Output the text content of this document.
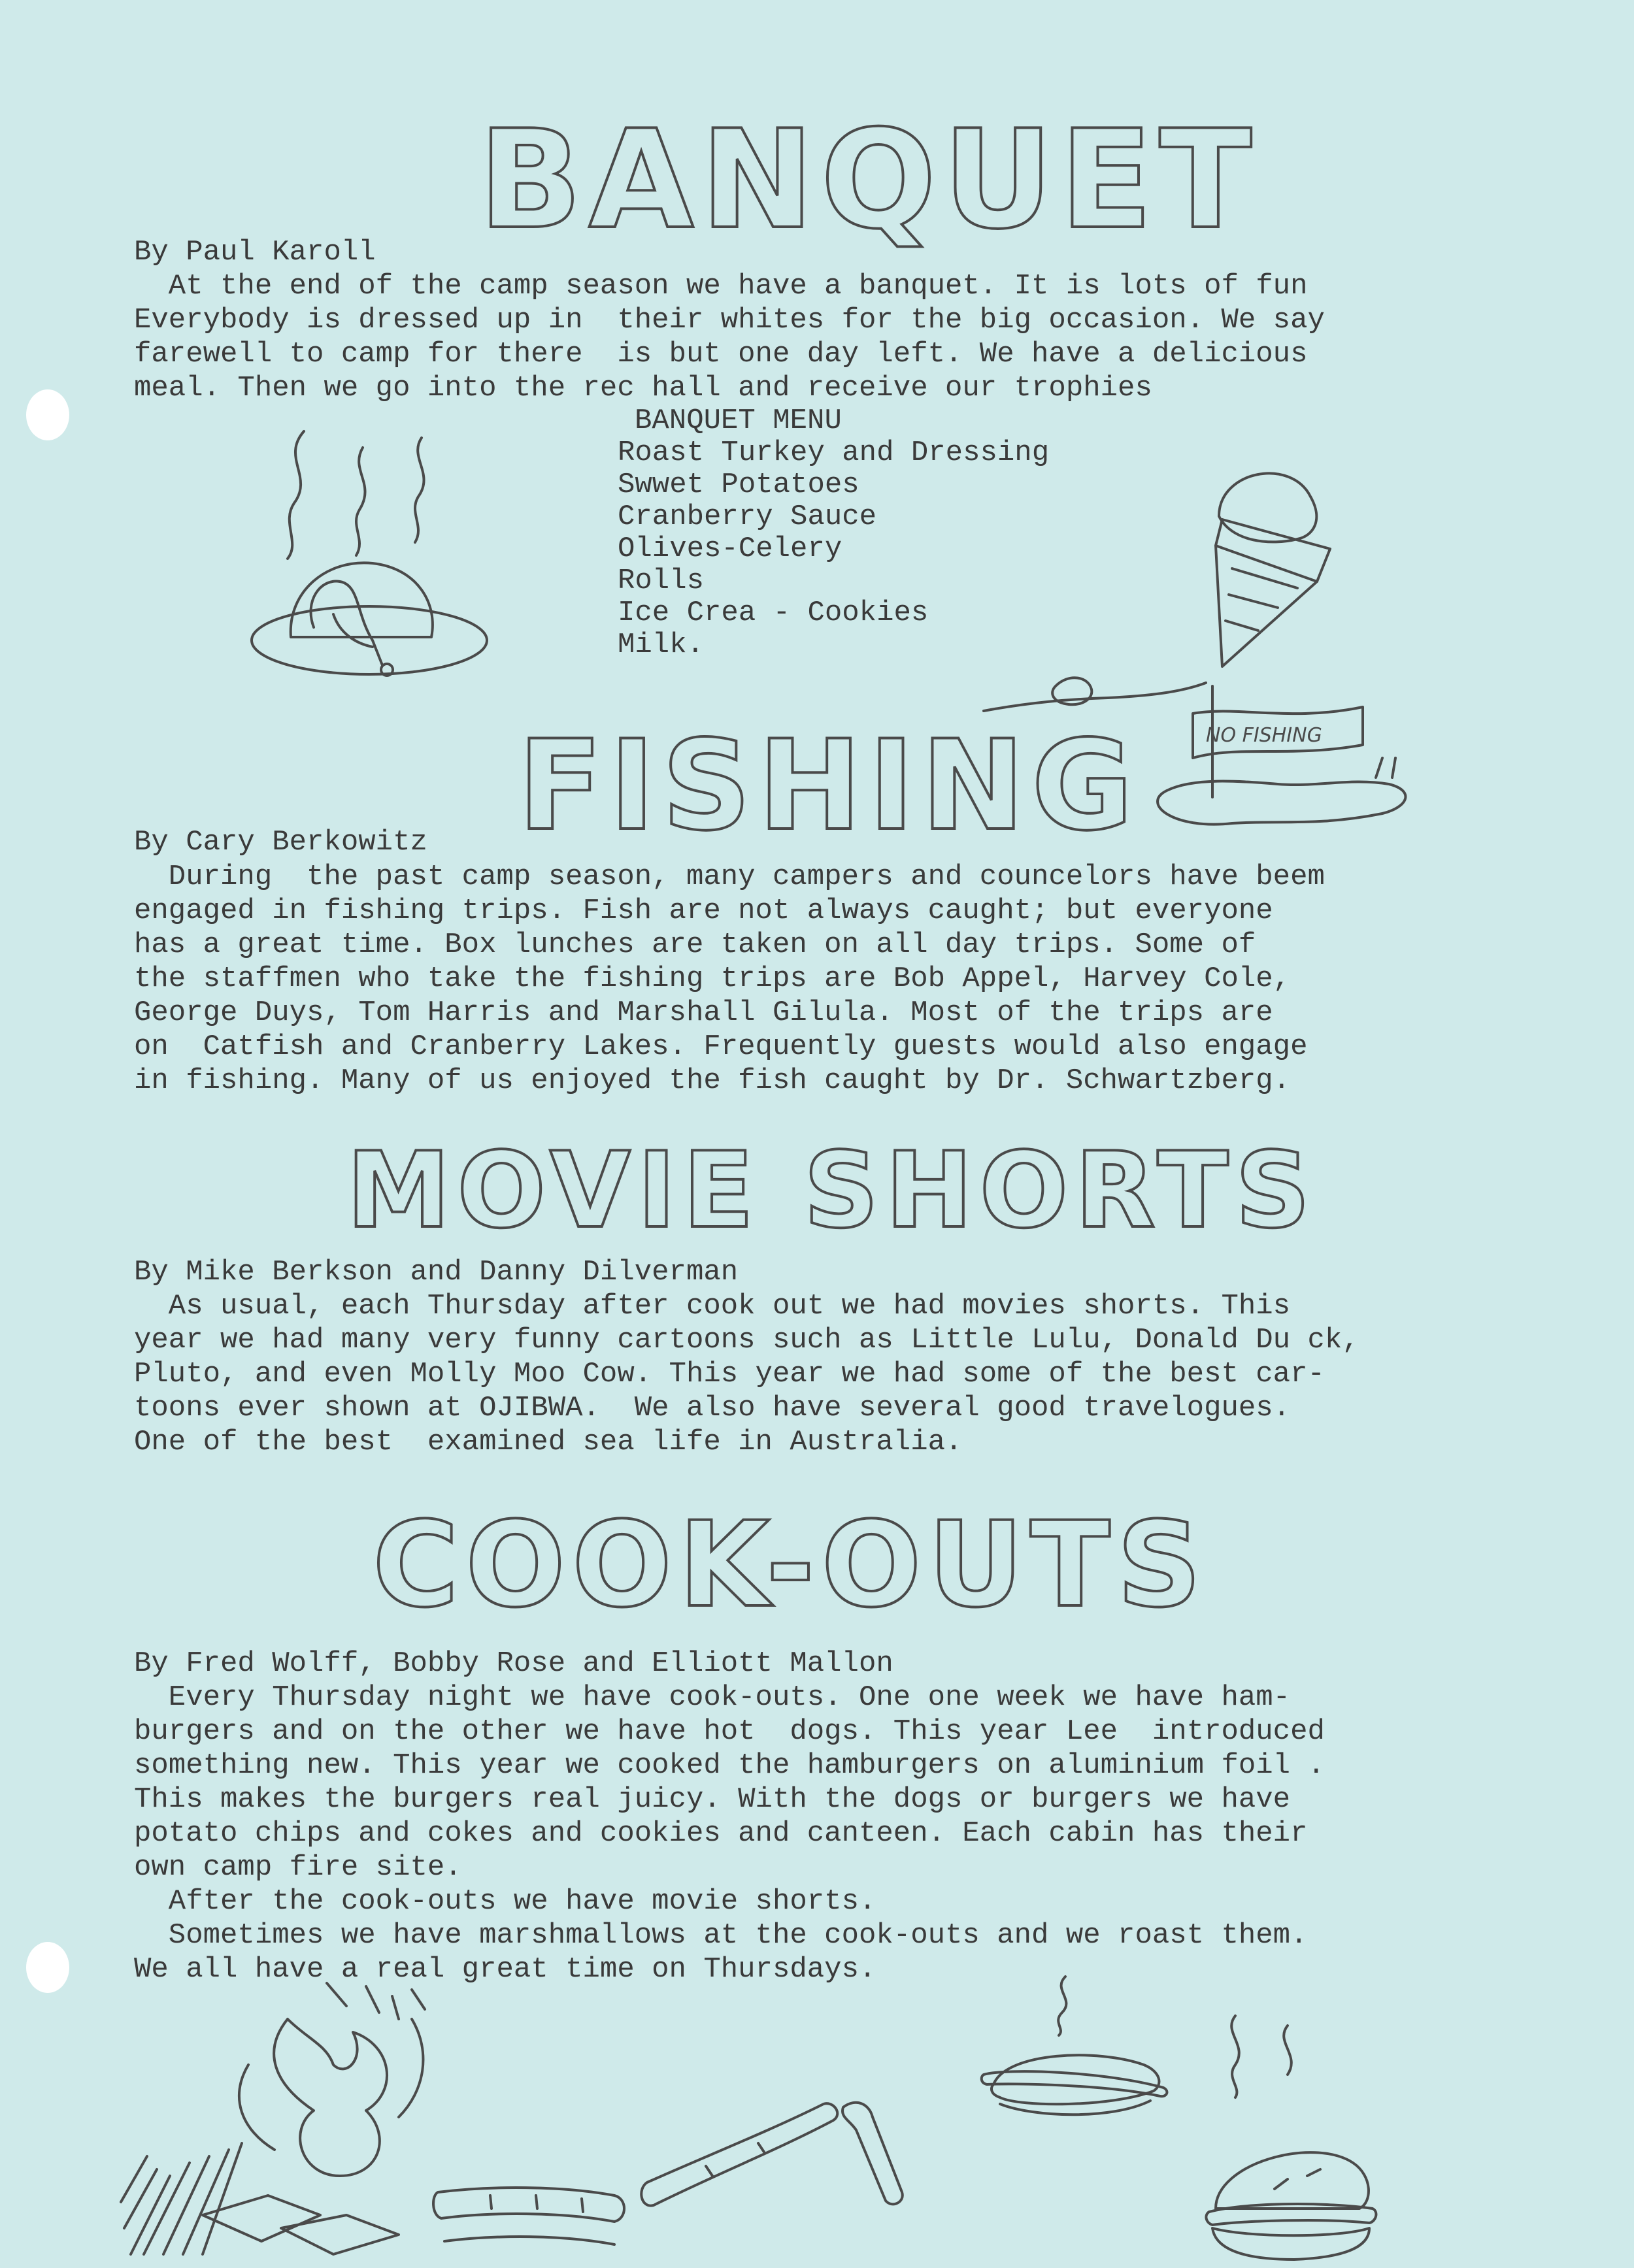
BANQUET
By Paul Karoll
At the end of the camp season we have a banquet. It is lots of fun
Everybody is dressed up in  their whites for the big occasion. We say
farewell to camp for there  is but one day left. We have a delicious
meal. Then we go into the rec hall and receive our trophies
BANQUET MENU
Roast Turkey and Dressing
Swwet Potatoes
Cranberry Sauce
Olives-Celery
Rolls
Ice Crea - Cookies
Milk.
NO FISHING
FISHING
By Cary Berkowitz
During  the past camp season, many campers and councelors have beem
engaged in fishing trips. Fish are not always caught; but everyone
has a great time. Box lunches are taken on all day trips. Some of
the staffmen who take the fishing trips are Bob Appel, Harvey Cole,
George Duys, Tom Harris and Marshall Gilula. Most of the trips are
on  Catfish and Cranberry Lakes. Frequently guests would also engage
in fishing. Many of us enjoyed the fish caught by Dr. Schwartzberg.
MOVIE SHORTS
By Mike Berkson and Danny Dilverman
As usual, each Thursday after cook out we had movies shorts. This
year we had many very funny cartoons such as Little Lulu, Donald Du ck,
Pluto, and even Molly Moo Cow. This year we had some of the best car-
toons ever shown at OJIBWA.  We also have several good travelogues.
One of the best  examined sea life in Australia.
COOK-OUTS
By Fred Wolff, Bobby Rose and Elliott Mallon
Every Thursday night we have cook-outs. One one week we have ham-
burgers and on the other we have hot  dogs. This year Lee  introduced
something new. This year we cooked the hamburgers on aluminium foil .
This makes the burgers real juicy. With the dogs or burgers we have
potato chips and cokes and cookies and canteen. Each cabin has their
own camp fire site.
After the cook-outs we have movie shorts.
Sometimes we have marshmallows at the cook-outs and we roast them.
We all have a real great time on Thursdays.
